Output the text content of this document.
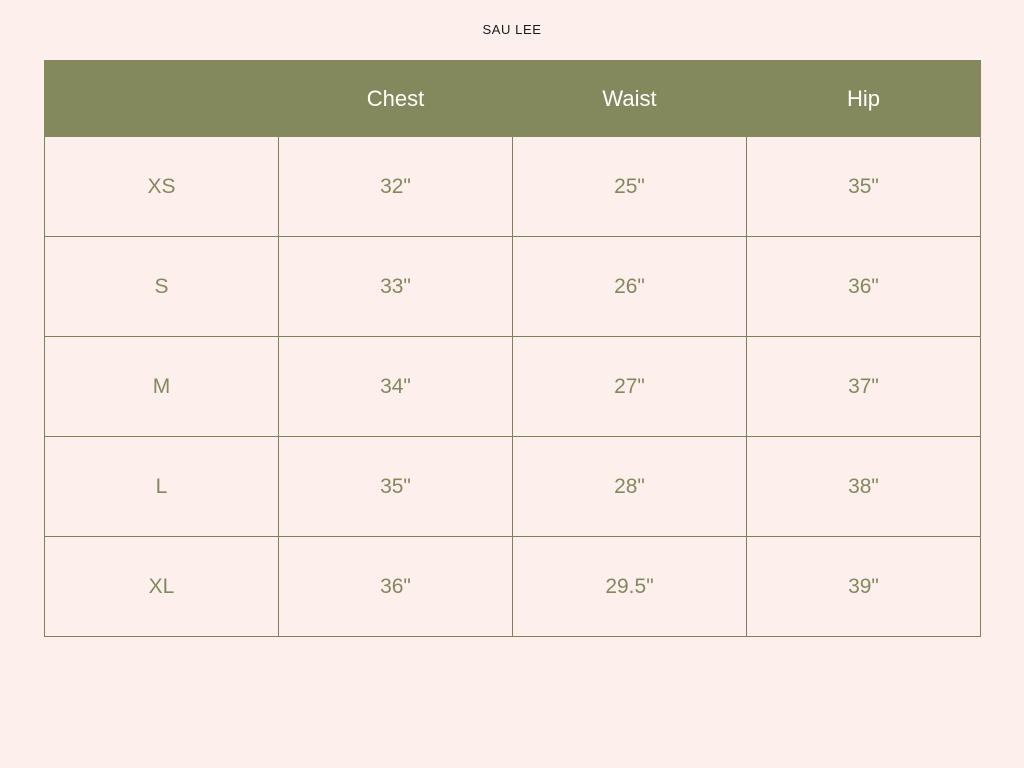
SAU LEE
	Chest	Waist	Hip
XS	32"	25"	35"
S	33"	26"	36"
M	34"	27"	37"
L	35"	28"	38"
XL	36"	29.5"	39"
